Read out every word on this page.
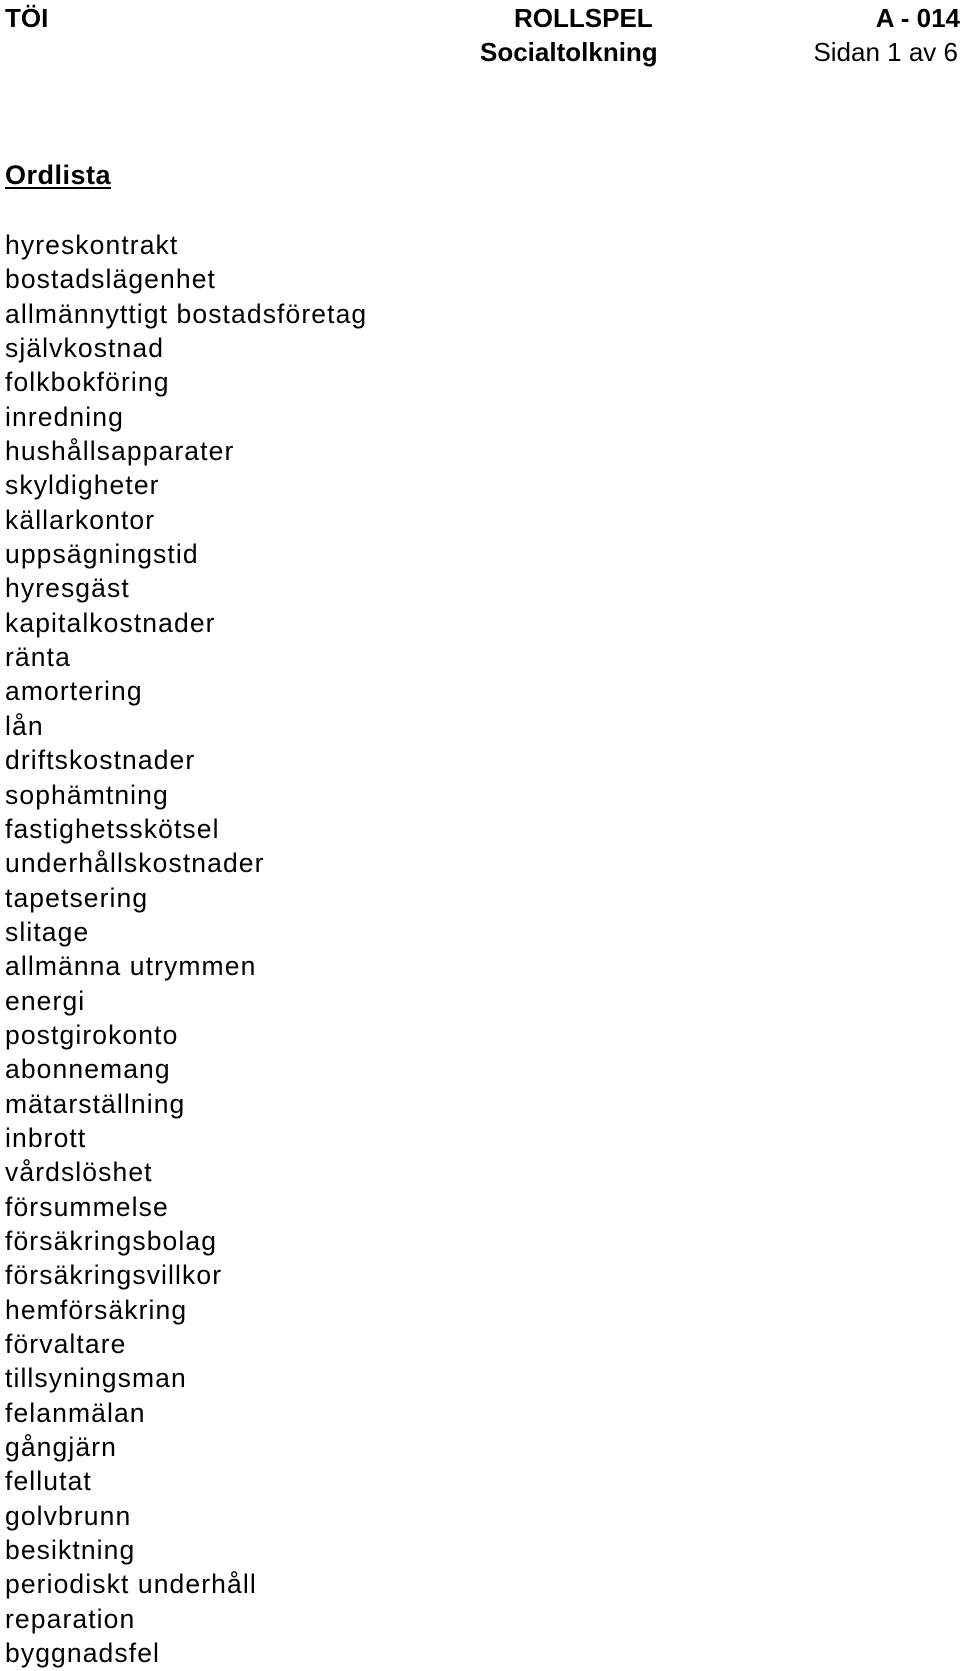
TÖI	ROLLSPEL	A - 014
Socialtolkning	Sidan 1 av 6
Ordlista
hyreskontrakt
bostadslägenhet
allmännyttigt bostadsföretag
självkostnad
folkbokföring
inredning
hushållsapparater
skyldigheter
källarkontor
uppsägningstid
hyresgäst
kapitalkostnader
ränta
amortering
lån
driftskostnader
sophämtning
fastighetsskötsel
underhållskostnader
tapetsering
slitage
allmänna utrymmen
energi
postgirokonto
abonnemang
mätarställning
inbrott
vårdslöshet
försummelse
försäkringsbolag
försäkringsvillkor
hemförsäkring
förvaltare
tillsyningsman
felanmälan
gångjärn
fellutat
golvbrunn
besiktning
periodiskt underhåll
reparation
byggnadsfel
